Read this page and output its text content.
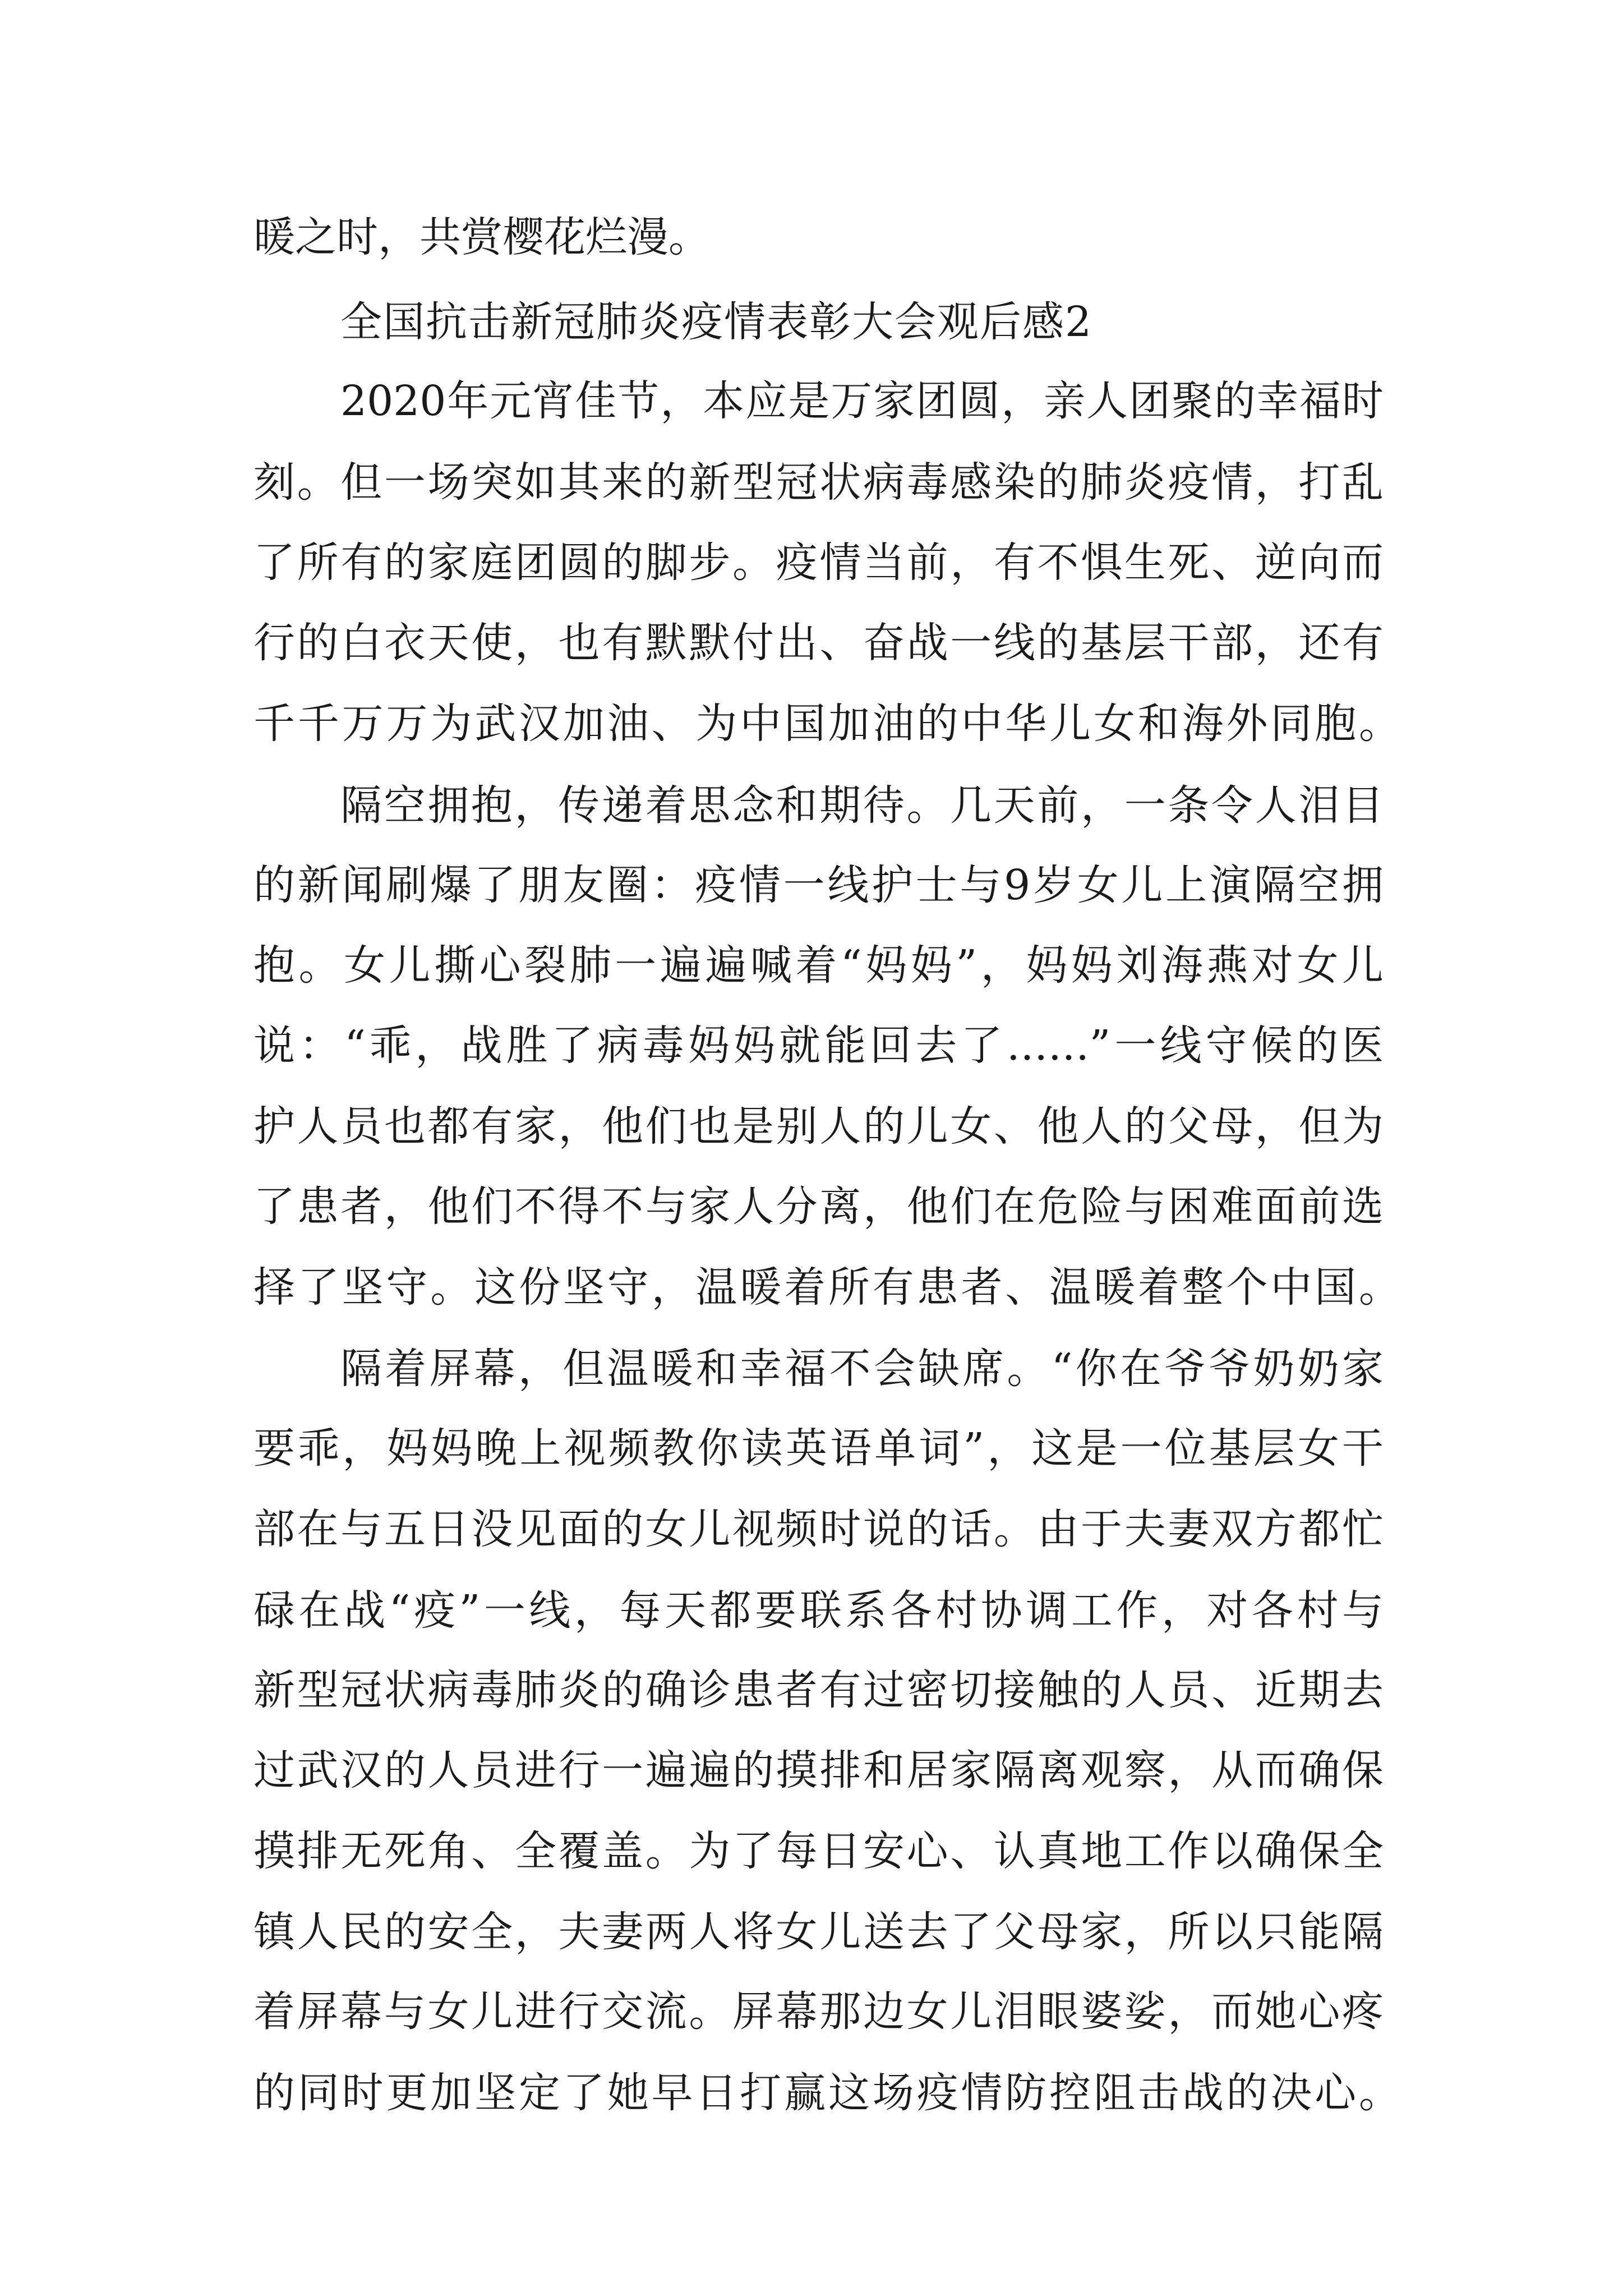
暖之时，共赏樱花烂漫。
全国抗击新冠肺炎疫情表彰大会观后感2
2020年元宵佳节，本应是万家团圆，亲人团聚的幸福时
刻。但一场突如其来的新型冠状病毒感染的肺炎疫情，打乱
了所有的家庭团圆的脚步。疫情当前，有不惧生死、逆向而
行的白衣天使，也有默默付出、奋战一线的基层干部，还有
千千万万为武汉加油、为中国加油的中华儿女和海外同胞。
隔空拥抱，传递着思念和期待。几天前，一条令人泪目
的新闻刷爆了朋友圈：疫情一线护士与9岁女儿上演隔空拥
抱。女儿撕心裂肺一遍遍喊着“妈妈”，妈妈刘海燕对女儿
说：“乖，战胜了病毒妈妈就能回去了……”一线守候的医
护人员也都有家，他们也是别人的儿女、他人的父母，但为
了患者，他们不得不与家人分离，他们在危险与困难面前选
择了坚守。这份坚守，温暖着所有患者、温暖着整个中国。
隔着屏幕，但温暖和幸福不会缺席。“你在爷爷奶奶家
要乖，妈妈晚上视频教你读英语单词”，这是一位基层女干
部在与五日没见面的女儿视频时说的话。由于夫妻双方都忙
碌在战“疫”一线，每天都要联系各村协调工作，对各村与
新型冠状病毒肺炎的确诊患者有过密切接触的人员、近期去
过武汉的人员进行一遍遍的摸排和居家隔离观察，从而确保
摸排无死角、全覆盖。为了每日安心、认真地工作以确保全
镇人民的安全，夫妻两人将女儿送去了父母家，所以只能隔
着屏幕与女儿进行交流。屏幕那边女儿泪眼婆娑，而她心疼
的同时更加坚定了她早日打赢这场疫情防控阻击战的决心。
